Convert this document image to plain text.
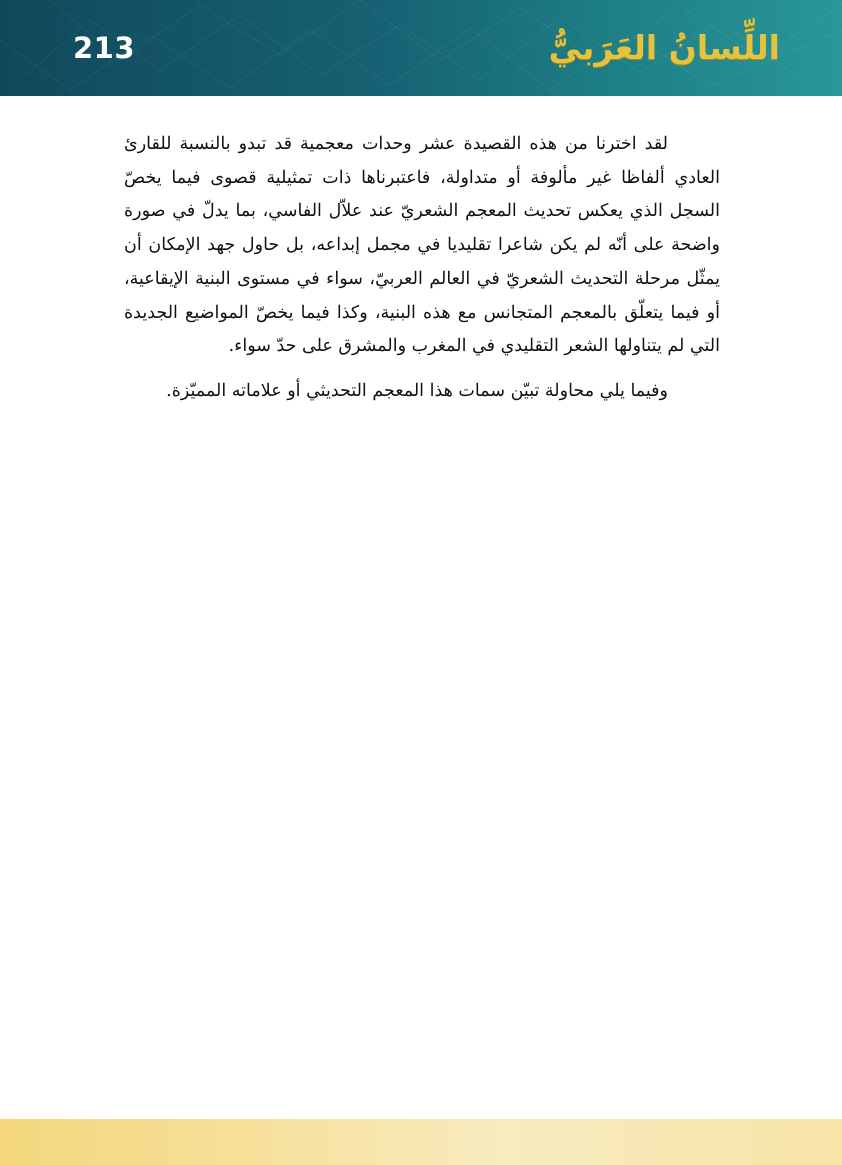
213	اللِّسانُ العَرَبيُّ

لقد اخترنا من هذه القصيدة عشر وحدات معجمية قد تبدو بالنسبة للقارئ العادي ألفاظا غير مألوفة أو متداولة، فاعتبرناها ذات تمثيلية قصوى فيما يخصّ السجل الذي يعكس تحديث المعجم الشعريّ عند علاّل الفاسي، بما يدلّ في صورة واضحة على أنّه لم يكن شاعرا تقليديا في مجمل إبداعه، بل حاول جهد الإمكان أن يمثّل مرحلة التحديث الشعريّ في العالم العربيّ، سواء في مستوى البنية الإيقاعية، أو فيما يتعلّق بالمعجم المتجانس مع هذه البنية، وكذا فيما يخصّ المواضيع الجديدة التي لم يتناولها الشعر التقليدي في المغرب والمشرق على حدّ سواء.

وفيما يلي محاولة تبيّن سمات هذا المعجم التحديثي أو علاماته المميّزة.
